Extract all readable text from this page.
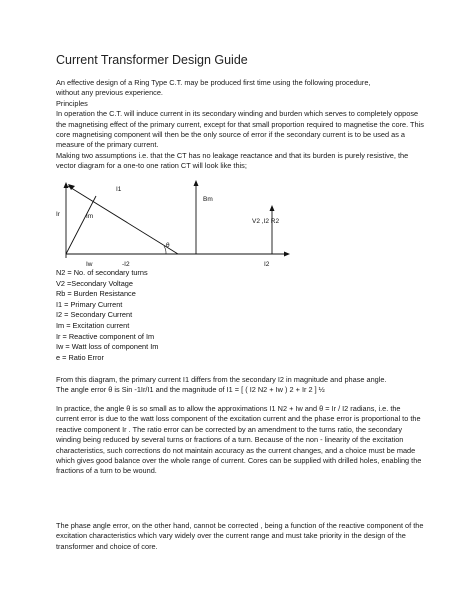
Current Transformer Design Guide

An effective design of a Ring Type C.T. may be produced first time using the following procedure,

without any previous experience.

Principles

In operation the C.T. will induce current in its secondary winding and burden which serves to completely oppose the magnetising effect of the primary current, except for that small proportion required to magnetise the core. This core magnetising component will then be the only source of error if the secondary current is to be used as a measure of the primary current.

Making two assumptions i.e. that the CT has no leakage reactance and that its burden is purely resistive, the vector diagram for a one-to one ration CT will look like this;

I1
Bm
Ir	Im
θ
V2 ,I2 R2
Iw	-I2	I2
N2 = No. of secondary turns
V2 =Secondary Voltage
Rb = Burden Resistance
I1 = Primary Current
I2 = Secondary Current
Im = Excitation current
Ir = Reactive component of Im
Iw = Watt loss of component Im
e = Ratio Error

From this diagram, the primary current I1 differs from the secondary I2 in magnitude and phase angle.

The angle error θ is Sin -1Ir/I1 and the magnitude of I1 = [ ( I2 N2 + Iw ) 2 + Ir 2 ] ½

In practice, the angle θ is so small as to allow the approximations I1 N2 + Iw and θ = Ir / I2 radians, i.e. the current error is due to the watt loss component of the excitation current and the phase error is proportional to the reactive component Ir . The ratio error can be corrected by an amendment to the turns ratio, the secondary winding being reduced by several turns or fractions of a turn. Because of the non - linearity of the excitation characteristics, such corrections do not maintain accuracy as the current changes, and a choice must be made which gives good balance over the whole range of current. Cores can be supplied with drilled holes, enabling the fractions of a turn to be wound.

The phase angle error, on the other hand, cannot be corrected , being a function of the reactive component of the excitation characteristics which vary widely over the current range and must take priority in the design of the transformer and choice of core.
